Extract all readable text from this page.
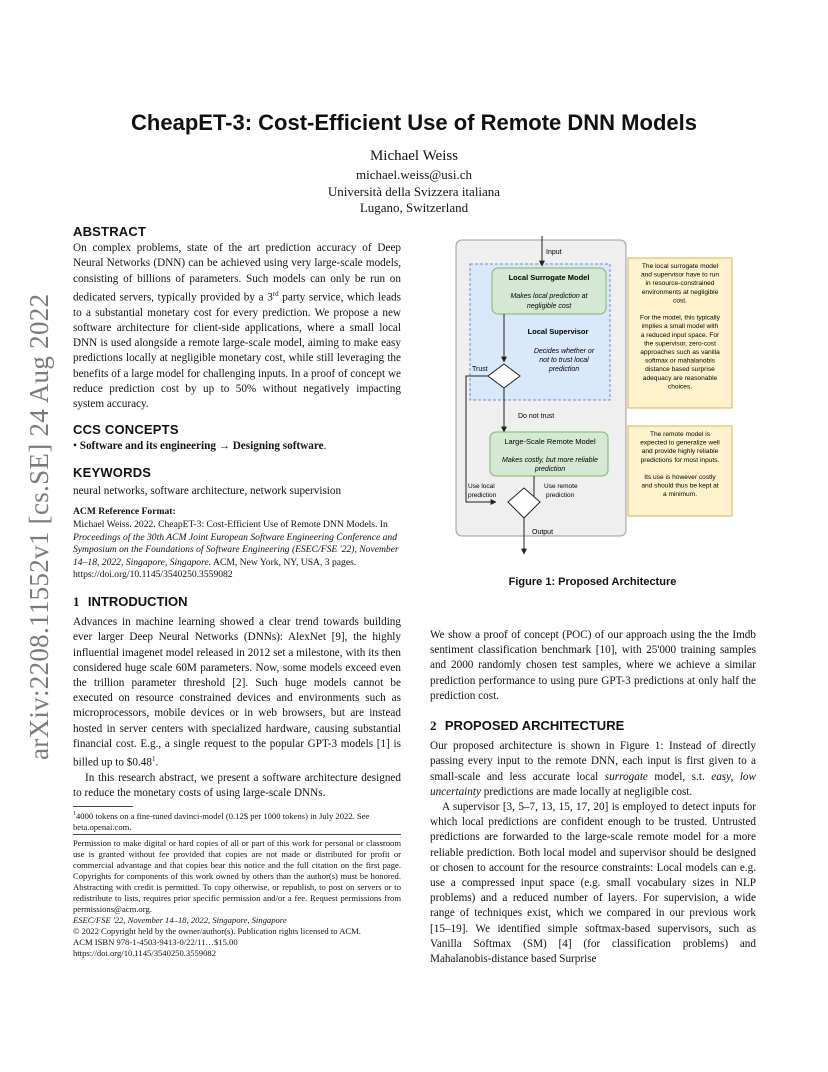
arXiv:2208.11552v1 [cs.SE] 24 Aug 2022
CheapET-3: Cost-Efficient Use of Remote DNN Models
Michael Weiss
michael.weiss@usi.ch
Università della Svizzera italiana
Lugano, Switzerland
ABSTRACT

On complex problems, state of the art prediction accuracy of Deep Neural Networks (DNN) can be achieved using very large-scale models, consisting of billions of parameters. Such models can only be run on dedicated servers, typically provided by a 3rd party service, which leads to a substantial monetary cost for every prediction. We propose a new software architecture for client-side applications, where a small local DNN is used alongside a remote large-scale model, aiming to make easy predictions locally at negligible monetary cost, while still leveraging the benefits of a large model for challenging inputs. In a proof of concept we reduce prediction cost by up to 50% without negatively impacting system accuracy.

CCS CONCEPTS

• Software and its engineering → Designing software.

KEYWORDS

neural networks, software architecture, network supervision

ACM Reference Format:

Michael Weiss. 2022. CheapET-3: Cost-Efficient Use of Remote DNN Models. In Proceedings of the 30th ACM Joint European Software Engineering Conference and Symposium on the Foundations of Software Engineering (ESEC/FSE '22), November 14–18, 2022, Singapore, Singapore. ACM, New York, NY, USA, 3 pages. https://doi.org/10.1145/3540250.3559082

1 INTRODUCTION

Advances in machine learning showed a clear trend towards building ever larger Deep Neural Networks (DNNs): AlexNet [9], the highly influential imagenet model released in 2012 set a milestone, with its then considered huge scale 60M parameters. Now, some models exceed even the trillion parameter threshold [2]. Such huge models cannot be executed on resource constrained devices and environments such as microprocessors, mobile devices or in web browsers, but are instead hosted in server centers with specialized hardware, causing substantial financial cost. E.g., a single request to the popular GPT-3 models [1] is billed up to $0.48$^1$.

In this research abstract, we present a software architecture designed to reduce the monetary costs of using large-scale DNNs.

$^1$4000 tokens on a fine-tuned davinci-model (0.12$ per 1000 tokens) in July 2022. See beta.openai.com.

Permission to make digital or hard copies of all or part of this work for personal or classroom use is granted without fee provided that copies are not made or distributed for profit or commercial advantage and that copies bear this notice and the full citation on the first page. Copyrights for components of this work owned by others than the author(s) must be honored. Abstracting with credit is permitted. To copy otherwise, or republish, to post on servers or to redistribute to lists, requires prior specific permission and/or a fee. Request permissions from permissions@acm.org.

ESEC/FSE '22, November 14–18, 2022, Singapore, Singapore

© 2022 Copyright held by the owner/author(s). Publication rights licensed to ACM.

ACM ISBN 978-1-4503-9413-0/22/11…$15.00

https://doi.org/10.1145/3540250.3559082

Input
Local Surrogate Model
Makes local prediction at
negligible cost
Local Supervisor
Decides whether or
not to trust local
prediction
Trust
Do not trust
Large-Scale Remote Model
Makes costly, but more reliable
prediction
Use local
prediction
Use remote
prediction
Output
The local surrogate model
and supervisor have to run
in resource-constrained
environments at negligible
cost.
For the model, this typically
implies a small model with
a reduced input space. For
the supervisor, zero-cost
approaches such as vanilla
softmax or mahalanobis
distance based surprise
adequacy are reasonable
choices.
The remote model is
expected to generalize well
and provide highly reliable
predictions for most inputs.
Its use is however costly
and should thus be kept at
a minimum.
Figure 1: Proposed Architecture

We show a proof of concept (POC) of our approach using the the Imdb sentiment classification benchmark [10], with 25'000 training samples and 2000 randomly chosen test samples, where we achieve a similar prediction performance to using pure GPT-3 predictions at only half the prediction cost.

2 PROPOSED ARCHITECTURE

Our proposed architecture is shown in Figure 1: Instead of directly passing every input to the remote DNN, each input is first given to a small-scale and less accurate local surrogate model, s.t. easy, low uncertainty predictions are made locally at negligible cost.

A supervisor [3, 5–7, 13, 15, 17, 20] is employed to detect inputs for which local predictions are confident enough to be trusted. Untrusted predictions are forwarded to the large-scale remote model for a more reliable prediction. Both local model and supervisor should be designed or chosen to account for the resource constraints: Local models can e.g. use a compressed input space (e.g. small vocabulary sizes in NLP problems) and a reduced number of layers. For supervision, a wide range of techniques exist, which we compared in our previous work [15–19]. We identified simple softmax-based supervisors, such as Vanilla Softmax (SM) [4] (for classification problems) and Mahalanobis-distance based Surprise
